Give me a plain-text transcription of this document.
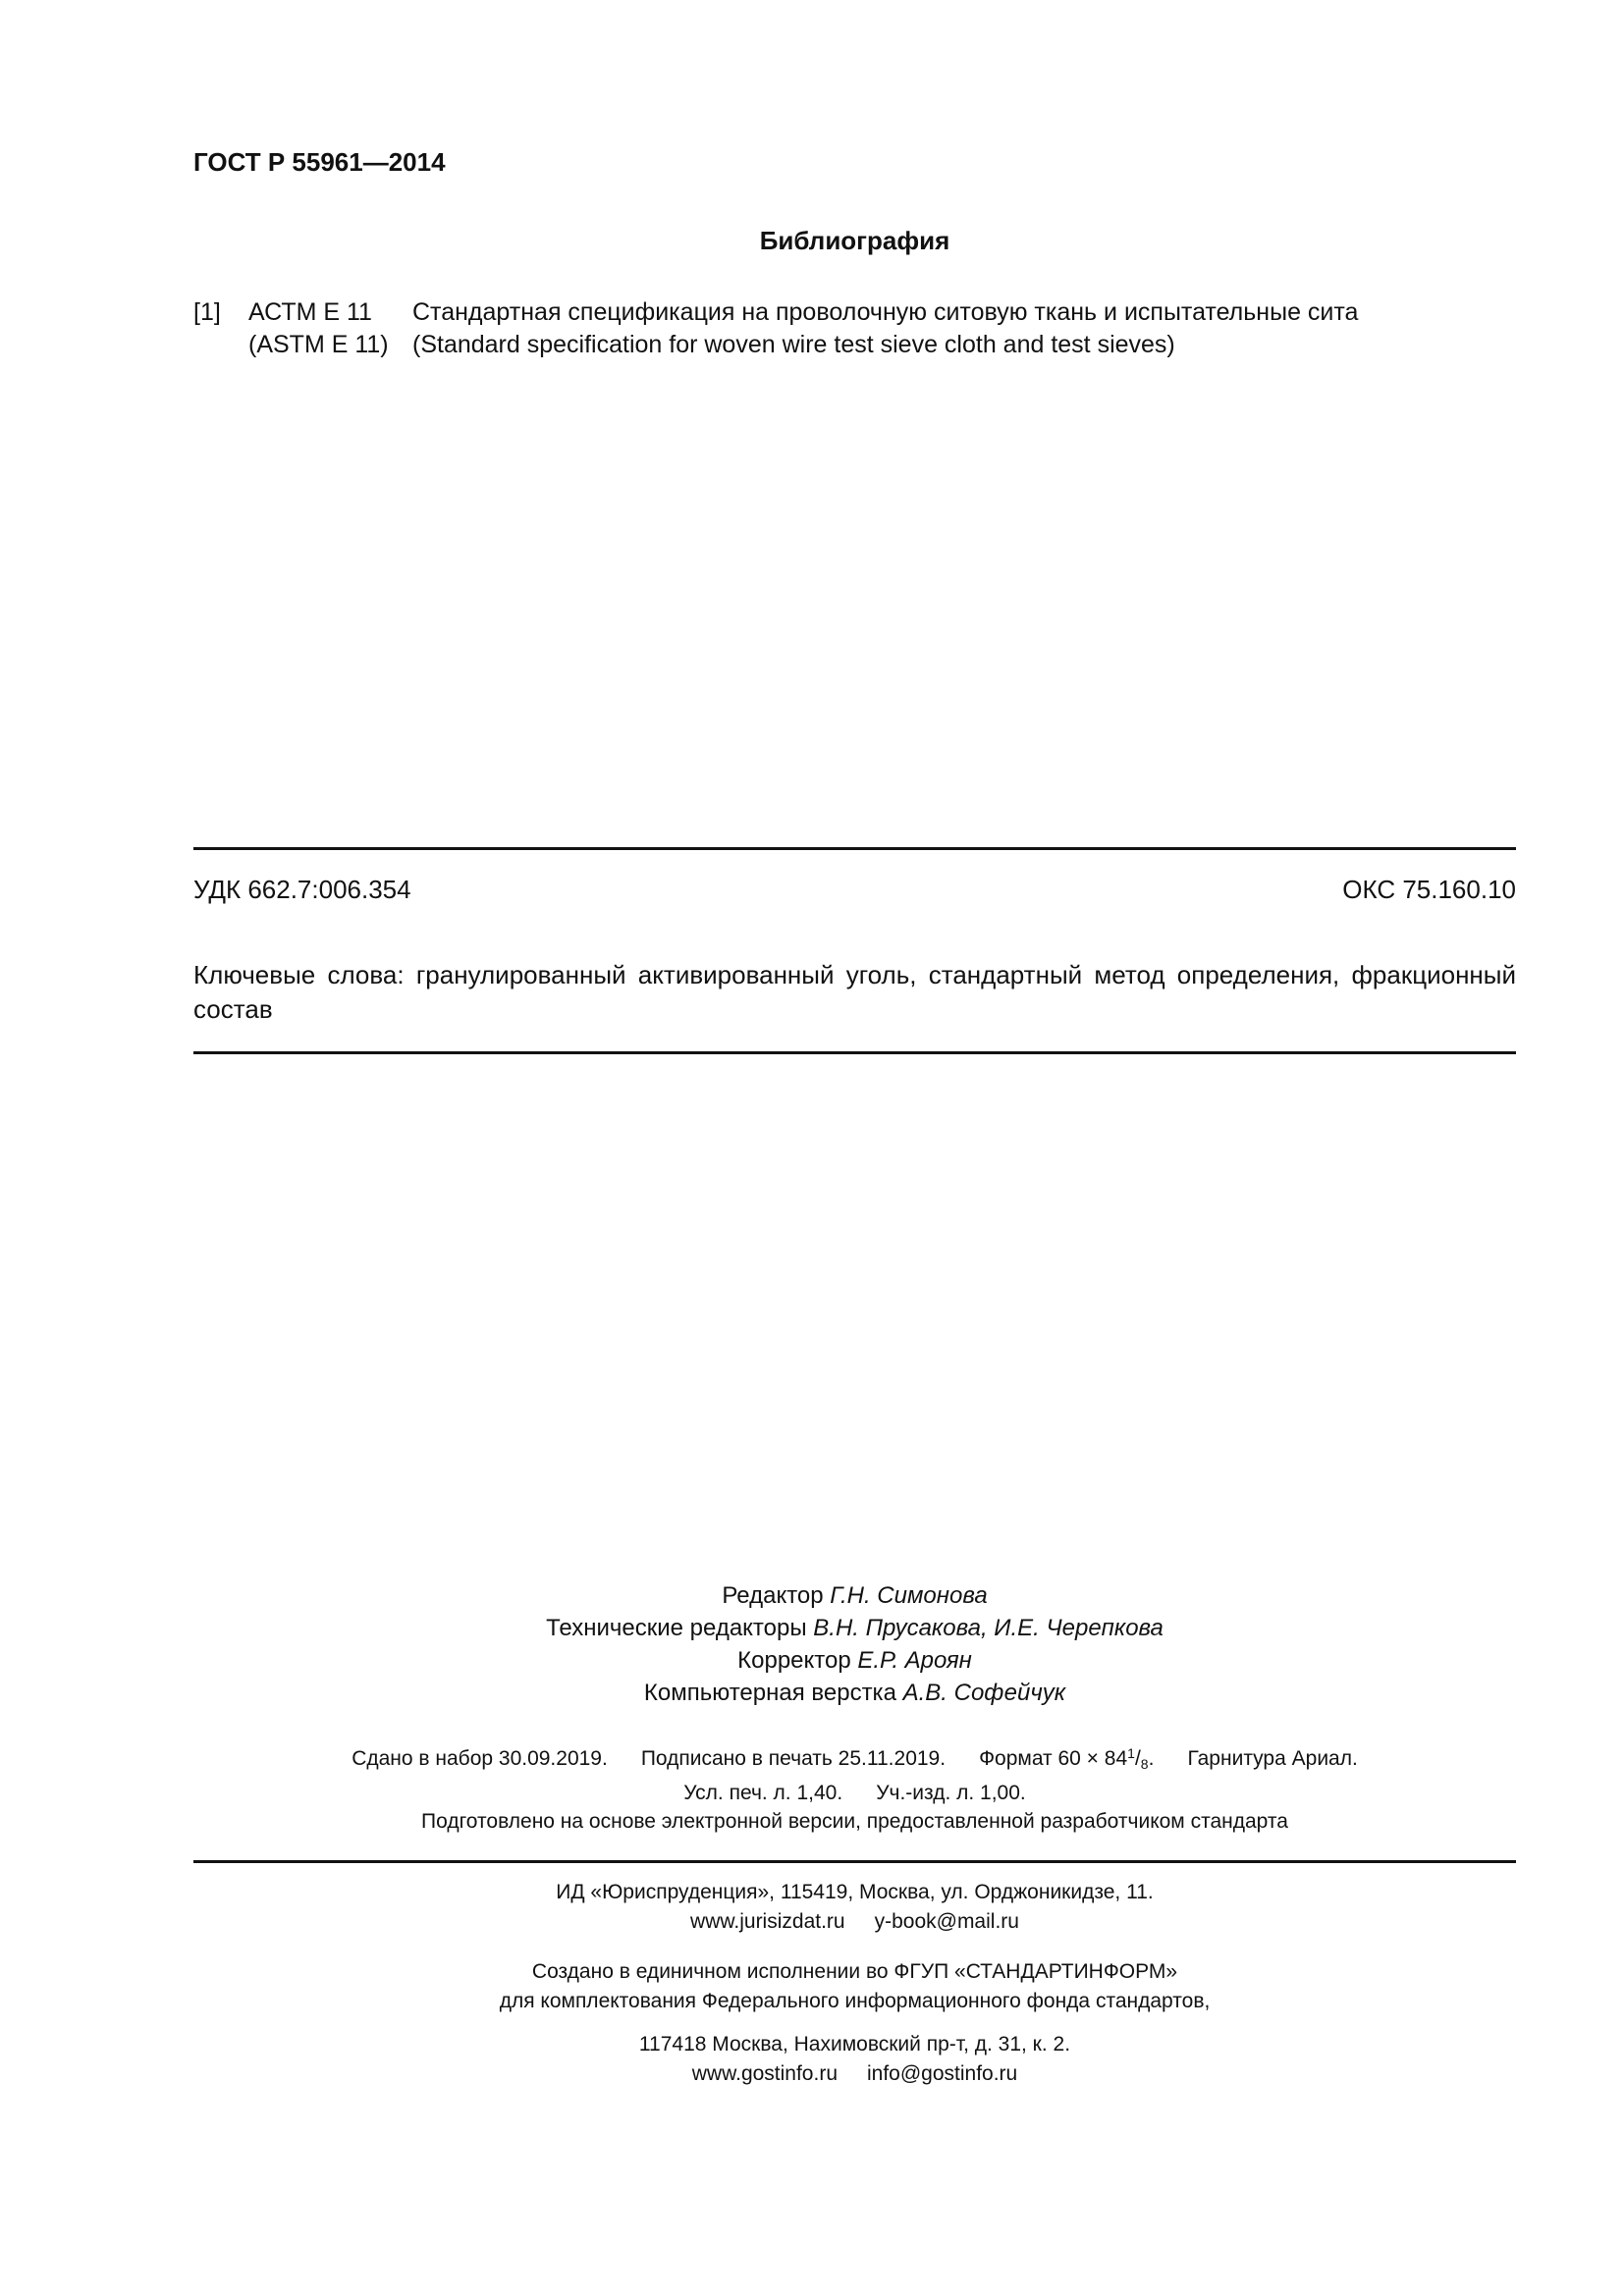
ГОСТ Р 55961—2014
Библиография
[1] АСТМ Е 11
(ASTM E 11)
Стандартная спецификация на проволочную ситовую ткань и испытательные сита
(Standard specification for woven wire test sieve cloth and test sieves)
УДК 662.7:006.354	ОКС 75.160.10
Ключевые слова: гранулированный активированный уголь, стандартный метод определения, фракционный состав
Редактор Г.Н. Симонова
Технические редакторы В.Н. Прусакова, И.Е. Черепкова
Корректор Е.Р. Ароян
Компьютерная верстка А.В. Софейчук
Сдано в набор 30.09.2019. Подписано в печать 25.11.2019. Формат $60 \times 84^1/_8$. Гарнитура Ариал.
Усл. печ. л. 1,40. Уч.-изд. л. 1,00.
Подготовлено на основе электронной версии, предоставленной разработчиком стандарта
ИД «Юриспруденция», 115419, Москва, ул. Орджоникидзе, 11.
www.jurisizdat.ru y-book@mail.ru
Создано в единичном исполнении во ФГУП «СТАНДАРТИНФОРМ»
для комплектования Федерального информационного фонда стандартов,
117418 Москва, Нахимовский пр-т, д. 31, к. 2.
www.gostinfo.ru info@gostinfo.ru
